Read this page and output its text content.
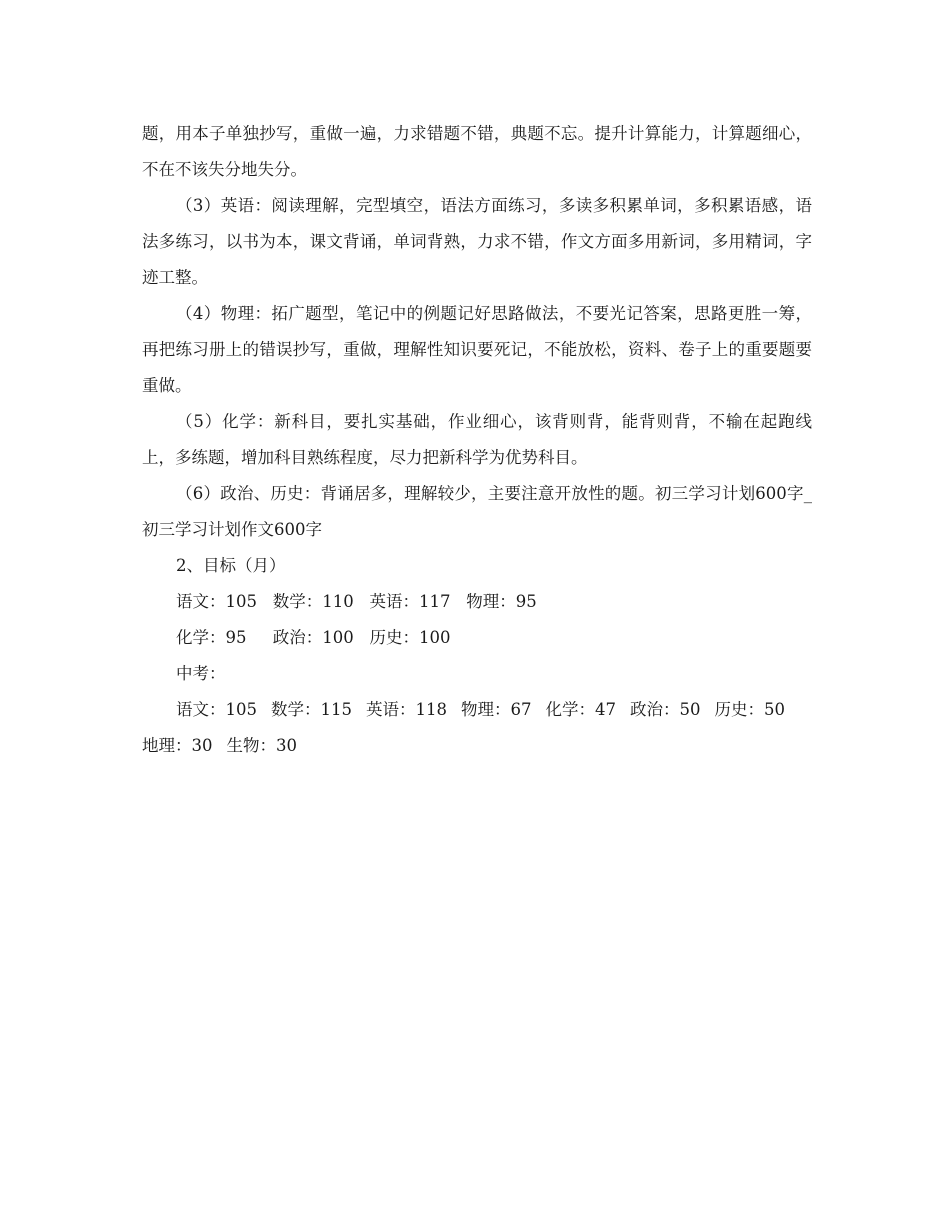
题，用本子单独抄写，重做一遍，力求错题不错，典题不忘。提升计算能力，计算题细心，不在不该失分地失分。

（3）英语：阅读理解，完型填空，语法方面练习，多读多积累单词，多积累语感，语法多练习，以书为本，课文背诵，单词背熟，力求不错，作文方面多用新词，多用精词，字迹工整。

（4）物理：拓广题型，笔记中的例题记好思路做法，不要光记答案，思路更胜一筹，再把练习册上的错误抄写，重做，理解性知识要死记，不能放松，资料、卷子上的重要题要重做。

（5）化学：新科目，要扎实基础，作业细心，该背则背，能背则背，不输在起跑线上，多练题，增加科目熟练程度，尽力把新科学为优势科目。

（6）政治、历史：背诵居多，理解较少，主要注意开放性的题。初三学习计划600字_初三学习计划作文600字

2、目标（月）

语文：105 数学：110 英语：117 物理：95

化学：95 政治：100 历史：100

中考：

语文：105 数学：115 英语：118 物理：67 化学：47 政治：50 历史：50地理：30 生物：30
